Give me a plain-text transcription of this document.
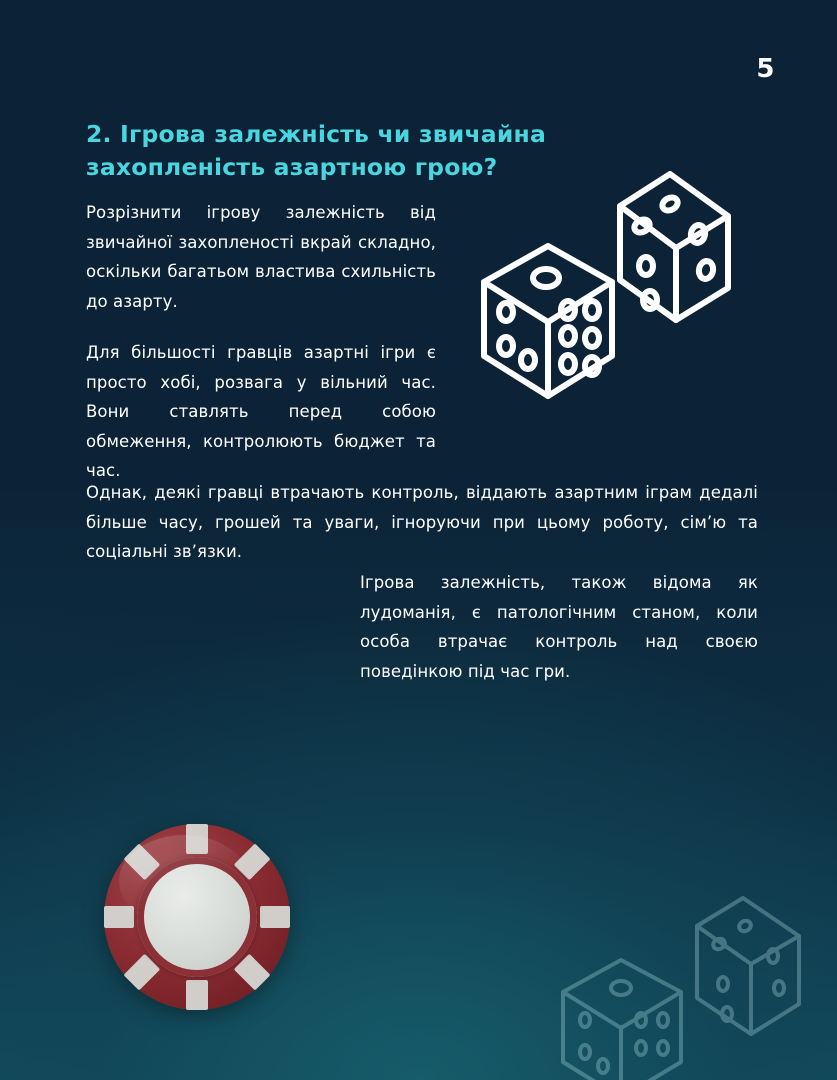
5
2. Ігрова залежність чи звичайна захопленість азартною грою?
Розрізнити ігрову залежність від звичайної захопленості вкрай складно, оскільки багатьом властива схильність до азарту.
Для більшості гравців азартні ігри є просто хобі, розвага у вільний час. Вони ставлять перед собою обмеження, контролюють бюджет та час.
Однак, деякі гравці втрачають контроль, віддають азартним іграм дедалі більше часу, грошей та уваги, ігноруючи при цьому роботу, сім’ю та соціальні зв’язки.
Ігрова залежність, також відома як лудоманія, є патологічним станом, коли особа втрачає контроль над своєю поведінкою під час гри.
